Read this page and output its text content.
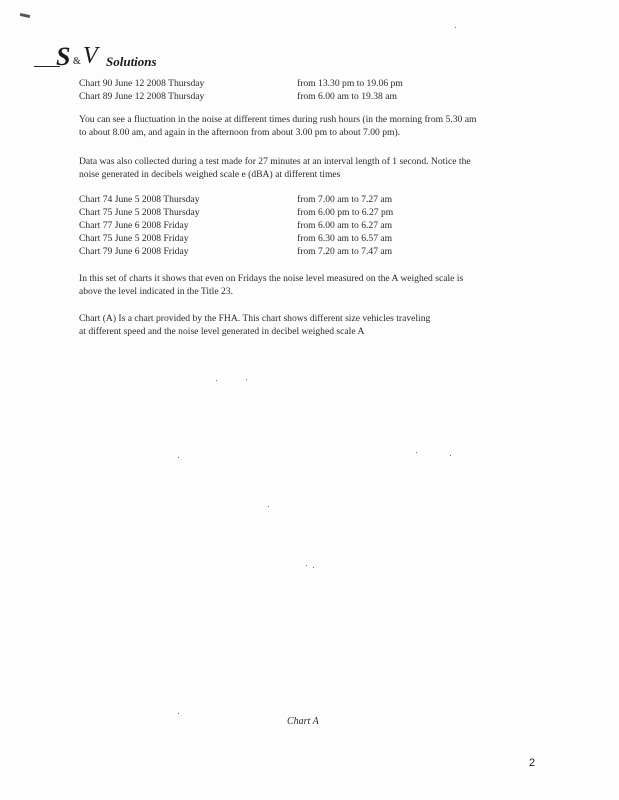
S & V Solutions
Chart 90 June 12 2008 Thursday	from 13.30 pm to 19.06 pm
Chart 89 June 12 2008 Thursday	from 6.00 am to 19.38 am
You can see a fluctuation in the noise at different times during rush hours (in the morning from 5.30 am
to about 8.00 am, and again in the afternoon from about 3.00 pm to about 7.00 pm).
Data was also collected during a test made for 27 minutes at an interval length of 1 second. Notice the
noise generated in decibels weighed scale e (dBA) at different times
Chart 74 June 5 2008 Thursday	from 7.00 am to 7.27 am
Chart 75 June 5 2008 Thursday	from 6.00 pm to 6.27 pm
Chart 77 June 6 2008 Friday	from 6.00 am to 6.27 am
Chart 75 June 5 2008 Friday	from 6.30 am to 6.57 am
Chart 79 June 6 2008 Friday	from 7.20 am to 7.47 am
In this set of charts it shows that even on Fridays the noise level measured on the A weighed scale is
above the level indicated in the Title 23.
Chart (A) Is a chart provided by the FHA. This chart shows different size vehicles traveling
at different speed and the noise level generated in decibel weighed scale A
Chart A
2
